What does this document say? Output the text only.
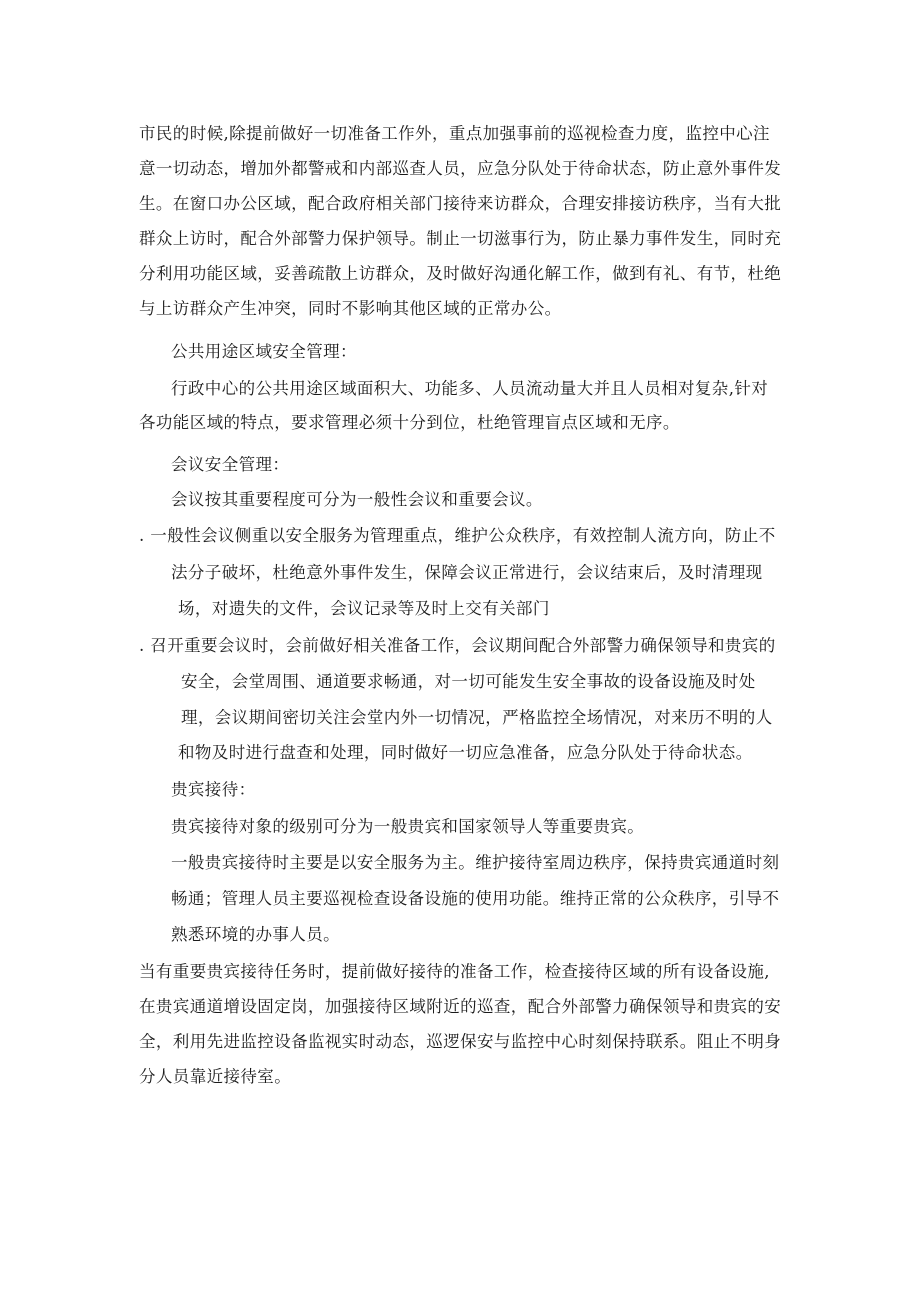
市民的时候,除提前做好一切准备工作外，重点加强事前的巡视检查力度，监控中心注

意一切动态，增加外都警戒和内部巡查人员，应急分队处于待命状态，防止意外事件发

生。在窗口办公区域，配合政府相关部门接待来访群众，合理安排接访秩序，当有大批

群众上访时，配合外部警力保护领导。制止一切滋事行为，防止暴力事件发生，同时充

分利用功能区域，妥善疏散上访群众，及时做好沟通化解工作，做到有礼、有节，杜绝

与上访群众产生冲突，同时不影响其他区域的正常办公。

公共用途区域安全管理：

行政中心的公共用途区域面积大、功能多、人员流动量大并且人员相对复杂,针对

各功能区域的特点，要求管理必须十分到位，杜绝管理盲点区域和无序。

会议安全管理：

会议按其重要程度可分为一般性会议和重要会议。

. 一般性会议侧重以安全服务为管理重点，维护公众秩序，有效控制人流方向，防止不

法分子破坏，杜绝意外事件发生，保障会议正常进行，会议结束后，及时清理现

场，对遗失的文件，会议记录等及时上交有关部门

. 召开重要会议时，会前做好相关准备工作，会议期间配合外部警力确保领导和贵宾的

安全，会堂周围、通道要求畅通，对一切可能发生安全事故的设备设施及时处

理，会议期间密切关注会堂内外一切情况，严格监控全场情况，对来历不明的人

和物及时进行盘查和处理，同时做好一切应急准备，应急分队处于待命状态。

贵宾接待：

贵宾接待对象的级别可分为一般贵宾和国家领导人等重要贵宾。

一般贵宾接待时主要是以安全服务为主。维护接待室周边秩序，保持贵宾通道时刻

畅通；管理人员主要巡视检查设备设施的使用功能。维持正常的公众秩序，引导不

熟悉环境的办事人员。

当有重要贵宾接待任务时，提前做好接待的准备工作，检查接待区域的所有设备设施,

在贵宾通道增设固定岗，加强接待区域附近的巡查，配合外部警力确保领导和贵宾的安

全，利用先进监控设备监视实时动态，巡逻保安与监控中心时刻保持联系。阻止不明身

分人员靠近接待室。
